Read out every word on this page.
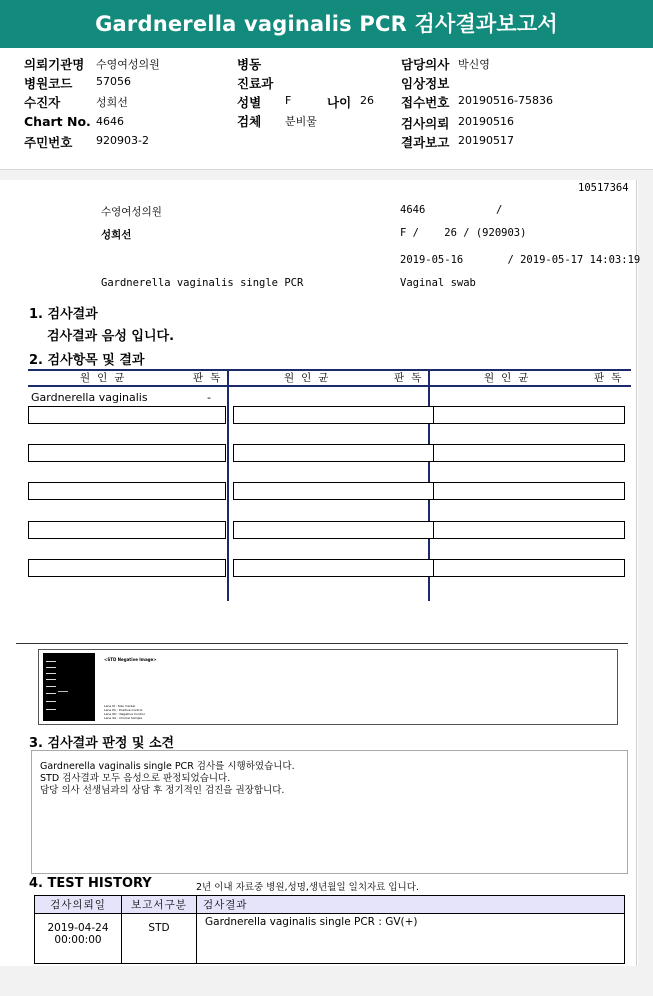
Gardnerella vaginalis PCR 검사결과보고서
의뢰기관명 수영여성의원
병원코드 57056
수진자	성희선
Chart No. 4646
주민번호 920903-2
병동
진료과
성별 F	나이 26
검체 분비물
담당의사 박신영
임상정보
접수번호 20190516-75836
검사의뢰 20190516
결과보고 20190517
10517364
수영여성의원	4646	/
성희선	F /    26 / (920903)
2019-05-16       / 2019-05-17 14:03:19
Gardnerella vaginalis single PCR	Vaginal swab
1. 검사결과
검사결과 음성 입니다.
2. 검사항목 및 결과
원인균	판독	원인균	판독	원인균	판독
Gardnerella vaginalis	-
<STD Negative Image>
Lane M : Size marker
Lane PC : Positive Control
Lane NC : Negative Control
Lane SA : Clinical Sample
3. 검사결과 판정 및 소견
Gardnerella vaginalis single PCR 검사를 시행하였습니다.
STD 검사결과 모두 음성으로 판정되었습니다.
담당 의사 선생님과의 상담 후 정기적인 검진을 권장합니다.
4. TEST HISTORY	2년 이내 자료중 병원,성명,생년월일 일치자료 입니다.
검사의뢰일	보고서구분	검사결과

2019-04-24
00:00:00	STD	Gardnerella vaginalis single PCR : GV(+)
